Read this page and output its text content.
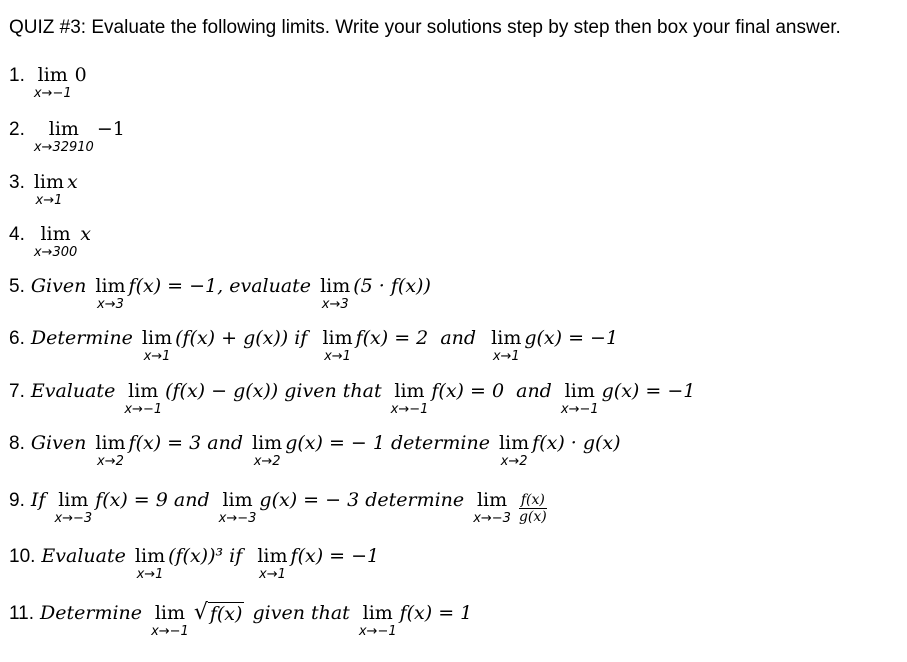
QUIZ #3: Evaluate the following limits. Write your solutions step by step then box your final answer.
1. lim
x→−1
0
2. lim
x→32910
−1
3. lim
x→1
x
4. lim
x→300
x
5. Given lim
x→3
f(x) = −1, evaluate lim
x→3
(5 · f(x))
6. Determine lim
x→1
(f(x) + g(x)) if lim
x→1
f(x) = 2 and lim
x→1
g(x) = −1
7. Evaluate lim
x→−1
(f(x) − g(x)) given that lim
x→−1
f(x) = 0 and lim
x→−1
g(x) = −1
8. Given lim
x→2
f(x) = 3 and lim
x→2
g(x) = − 1 determine lim
x→2
f(x) · g(x)
9. If lim
x→−3
f(x) = 9 and lim
x→−3
g(x) = − 3 determine lim
$x\to-3 \frac{f(x)}{g(x)}$
10. Evaluate lim
x→1
(f(x))³ if lim
x→1
f(x) = −1
11. Determine lim
x→−1
√ f(x) given that lim
x→−1
f(x) = 1
